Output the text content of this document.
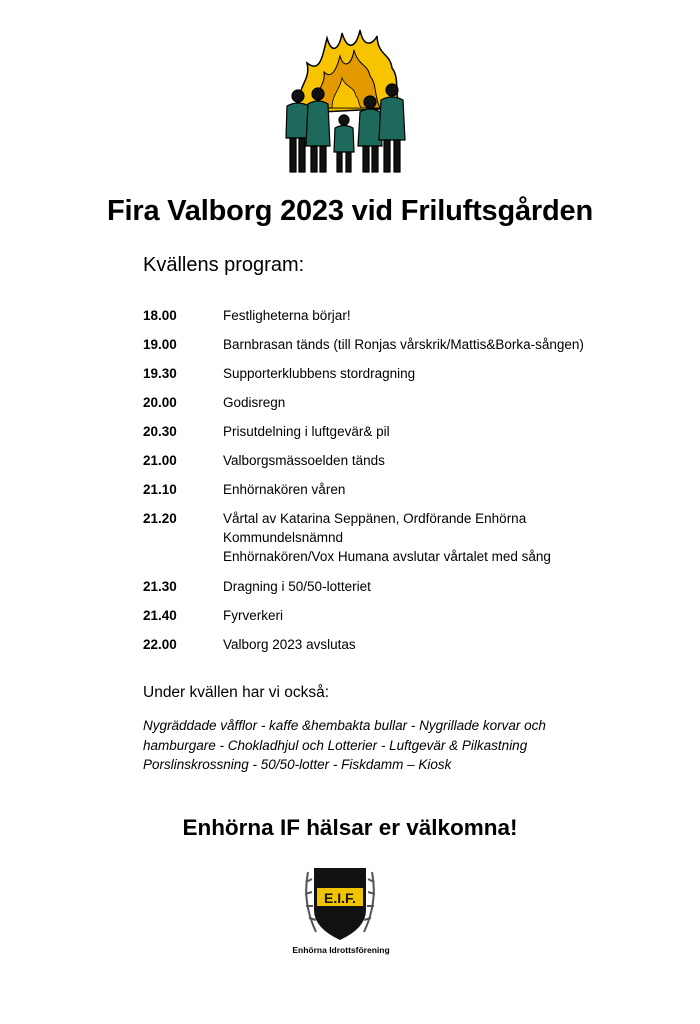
Fira Valborg 2023 vid Friluftsgården
Kvällens program:
18.00	Festligheterna börjar!
19.00	Barnbrasan tänds (till Ronjas vårskrik/Mattis&Borka-sången)
19.30	Supporterklubbens stordragning
20.00	Godisregn
20.30	Prisutdelning i luftgevär& pil
21.00	Valborgsmässoelden tänds
21.10	Enhörnakören våren
21.20	Vårtal av Katarina Seppänen, Ordförande Enhörna
Kommundelsnämnd
Enhörnakören/Vox Humana avslutar vårtalet med sång
21.30	Dragning i 50/50-lotteriet
21.40	Fyrverkeri
22.00	Valborg 2023 avslutas
Under kvällen har vi också:
Nygräddade våfflor - kaffe &hembakta bullar - Nygrillade korvar och
hamburgare - Chokladhjul och Lotterier - Luftgevär & Pilkastning
Porslinskrossning - 50/50-lotter - Fiskdamm – Kiosk
Enhörna IF hälsar er välkomna!
E.I.F.
Enhörna Idrottsförening
